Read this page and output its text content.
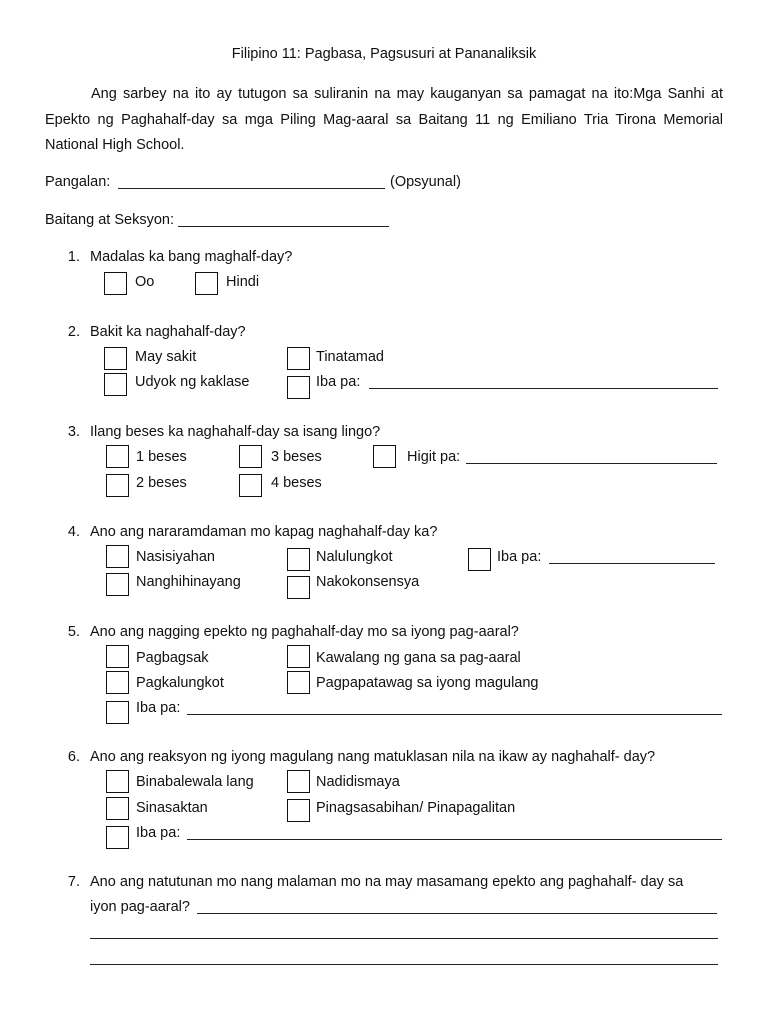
Filipino 11: Pagbasa, Pagsusuri at Pananaliksik
Ang sarbey na ito ay tutugon sa suliranin na may kauganyan sa pamagat na ito:Mga Sanhi at Epekto ng Paghahalf-day sa mga Piling Mag-aaral sa Baitang 11 ng Emiliano Tria Tirona Memorial National High School.
Pangalan:	(Opsyunal)
Baitang at Seksyon:
1. Madalas ka bang maghalf-day?
Oo	Hindi
2. Bakit ka naghahalf-day?
May sakit	Tinatamad
Udyok ng kaklase	Iba pa:
3. Ilang beses ka naghahalf-day sa isang lingo?
1 beses	3 beses	Higit pa:
2 beses	4 beses
4. Ano ang nararamdaman mo kapag naghahalf-day ka?
Nasisiyahan	Nalulungkot	Iba pa:
Nanghihinayang	Nakokonsensya
5. Ano ang nagging epekto ng paghahalf-day mo sa iyong pag-aaral?
Pagbagsak	Kawalang ng gana sa pag-aaral
Pagkalungkot	Pagpapatawag sa iyong magulang
Iba pa:
6. Ano ang reaksyon ng iyong magulang nang matuklasan nila na ikaw ay naghahalf- day?
Binabalewala lang	Nadidismaya
Sinasaktan	Pinagsasabihan/ Pinapagalitan
Iba pa:
7. Ano ang natutunan mo nang malaman mo na may masamang epekto ang paghahalf- day sa
iyon pag-aaral?
